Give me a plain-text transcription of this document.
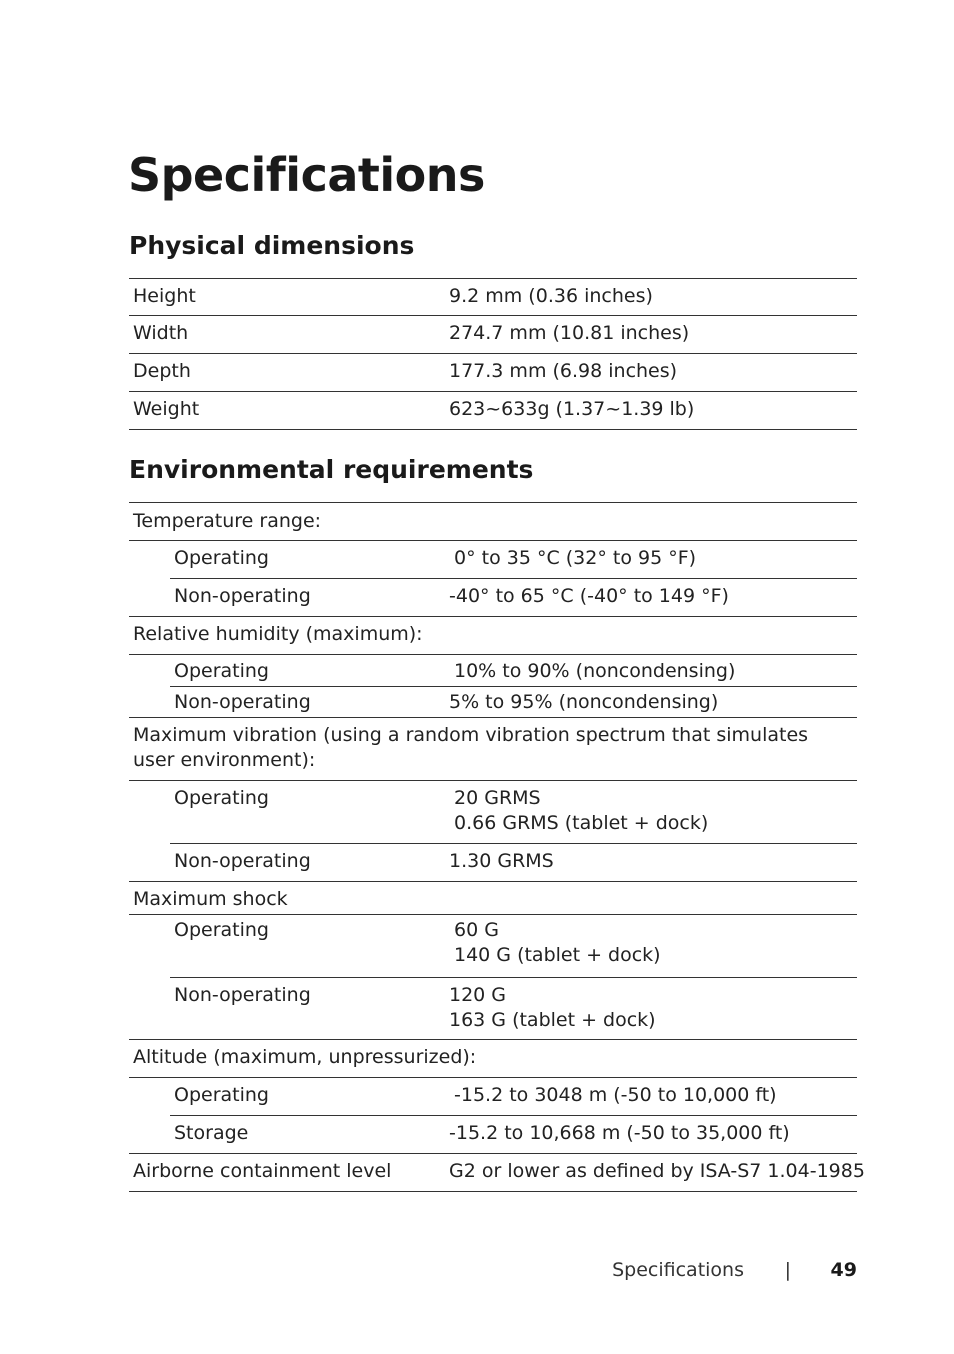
Specifications
Physical dimensions
Height	9.2 mm (0.36 inches)
Width	274.7 mm (10.81 inches)
Depth	177.3 mm (6.98 inches)
Weight	623~633g (1.37~1.39 lb)
Environmental requirements
Temperature range:
Operating	0° to 35 °C (32° to 95 °F)
Non-operating	-40° to 65 °C (-40° to 149 °F)
Relative humidity (maximum):
Operating	10% to 90% (noncondensing)
Non-operating	5% to 95% (noncondensing)
Maximum vibration (using a random vibration spectrum that simulates user environment):
Operating	20 GRMS
0.66 GRMS (tablet + dock)
Non-operating	1.30 GRMS
Maximum shock
Operating	60 G
140 G (tablet + dock)
Non-operating	120 G
163 G (tablet + dock)
Altitude (maximum, unpressurized):
Operating	-15.2 to 3048 m (-50 to 10,000 ft)
Storage	-15.2 to 10,668 m (-50 to 35,000 ft)
Airborne containment level	G2 or lower as defined by ISA-S7 1.04-1985
Specifications | 49
